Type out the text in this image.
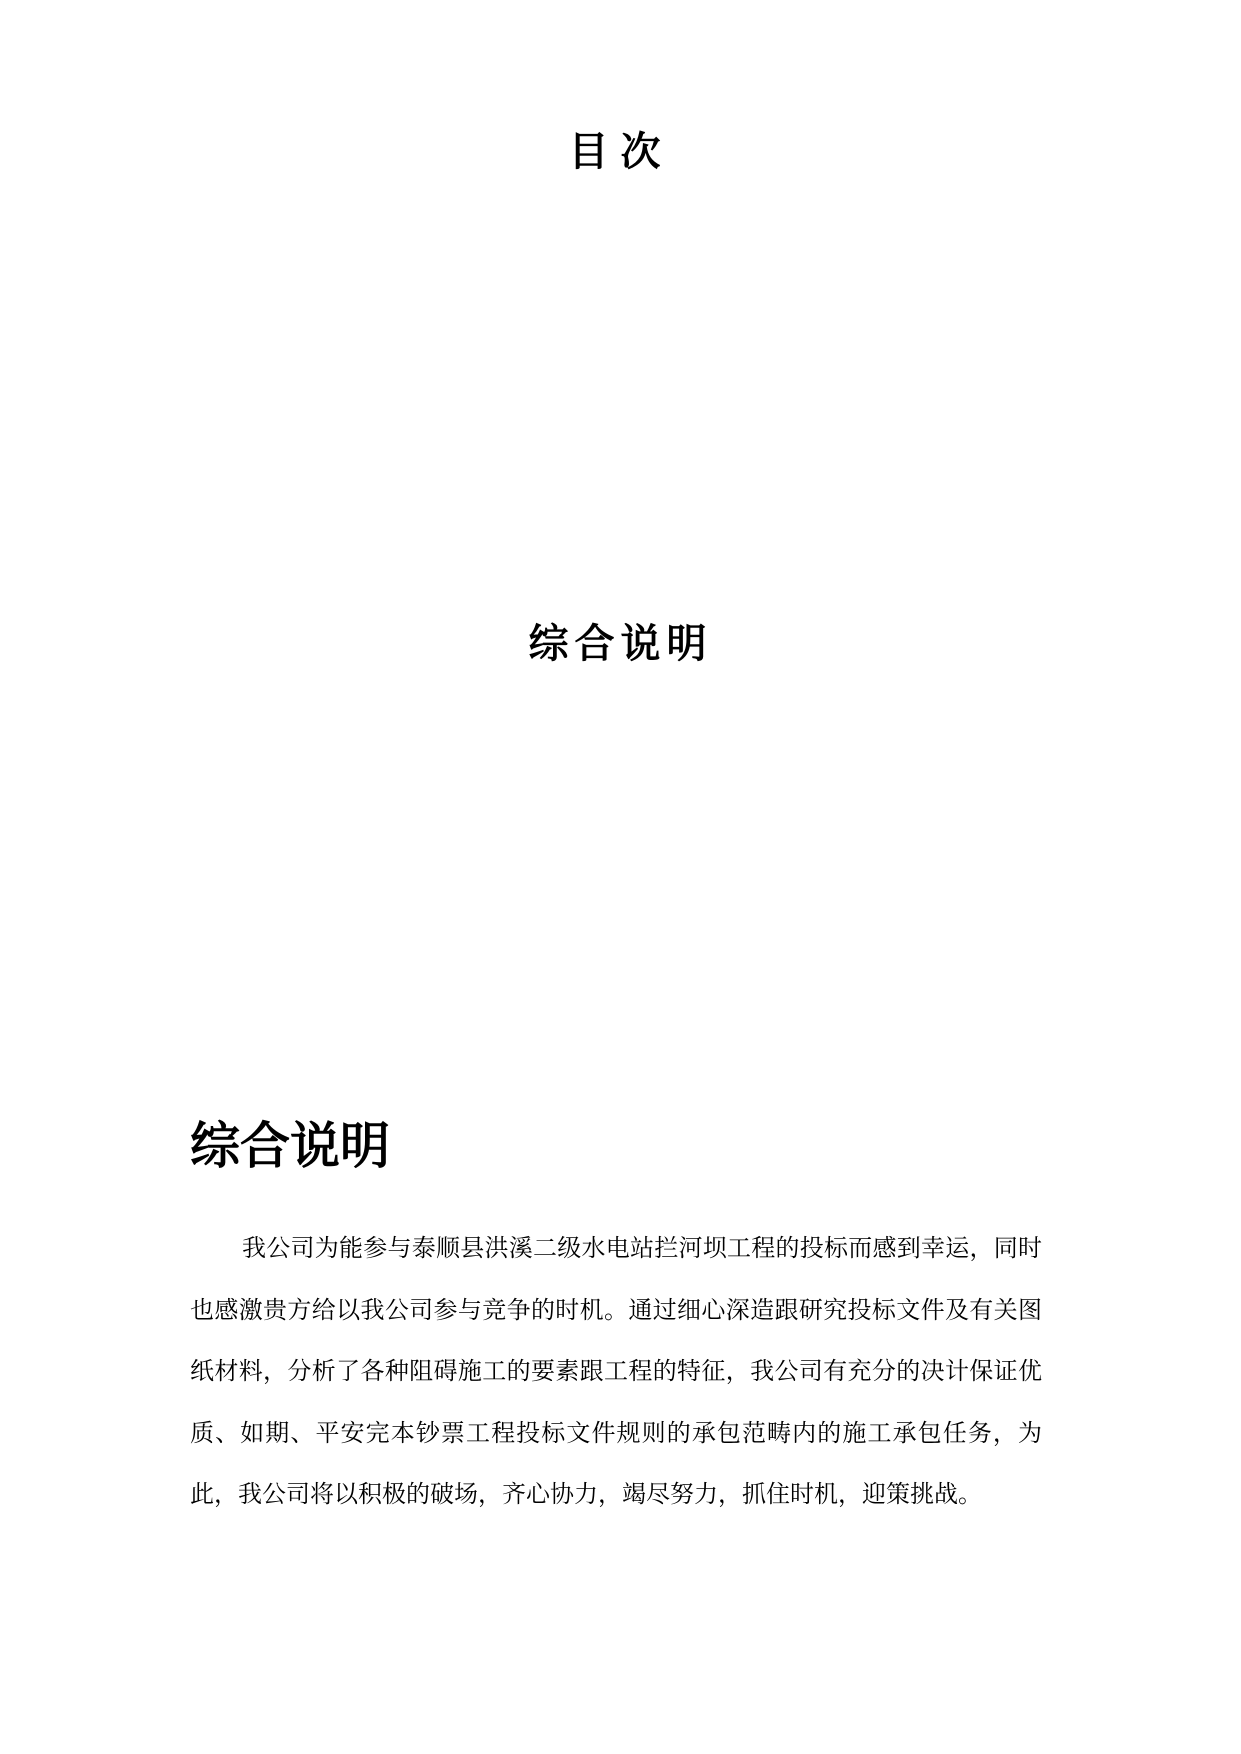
目次
综合说明
综合说明

我公司为能参与泰顺县洪溪二级水电站拦河坝工程的投标而感到幸运，同时也感激贵方给以我公司参与竞争的时机。通过细心深造跟研究投标文件及有关图纸材料，分析了各种阻碍施工的要素跟工程的特征，我公司有充分的决计保证优质、如期、平安完本钞票工程投标文件规则的承包范畴内的施工承包任务，为此，我公司将以积极的破场，齐心协力，竭尽努力，抓住时机，迎策挑战。
